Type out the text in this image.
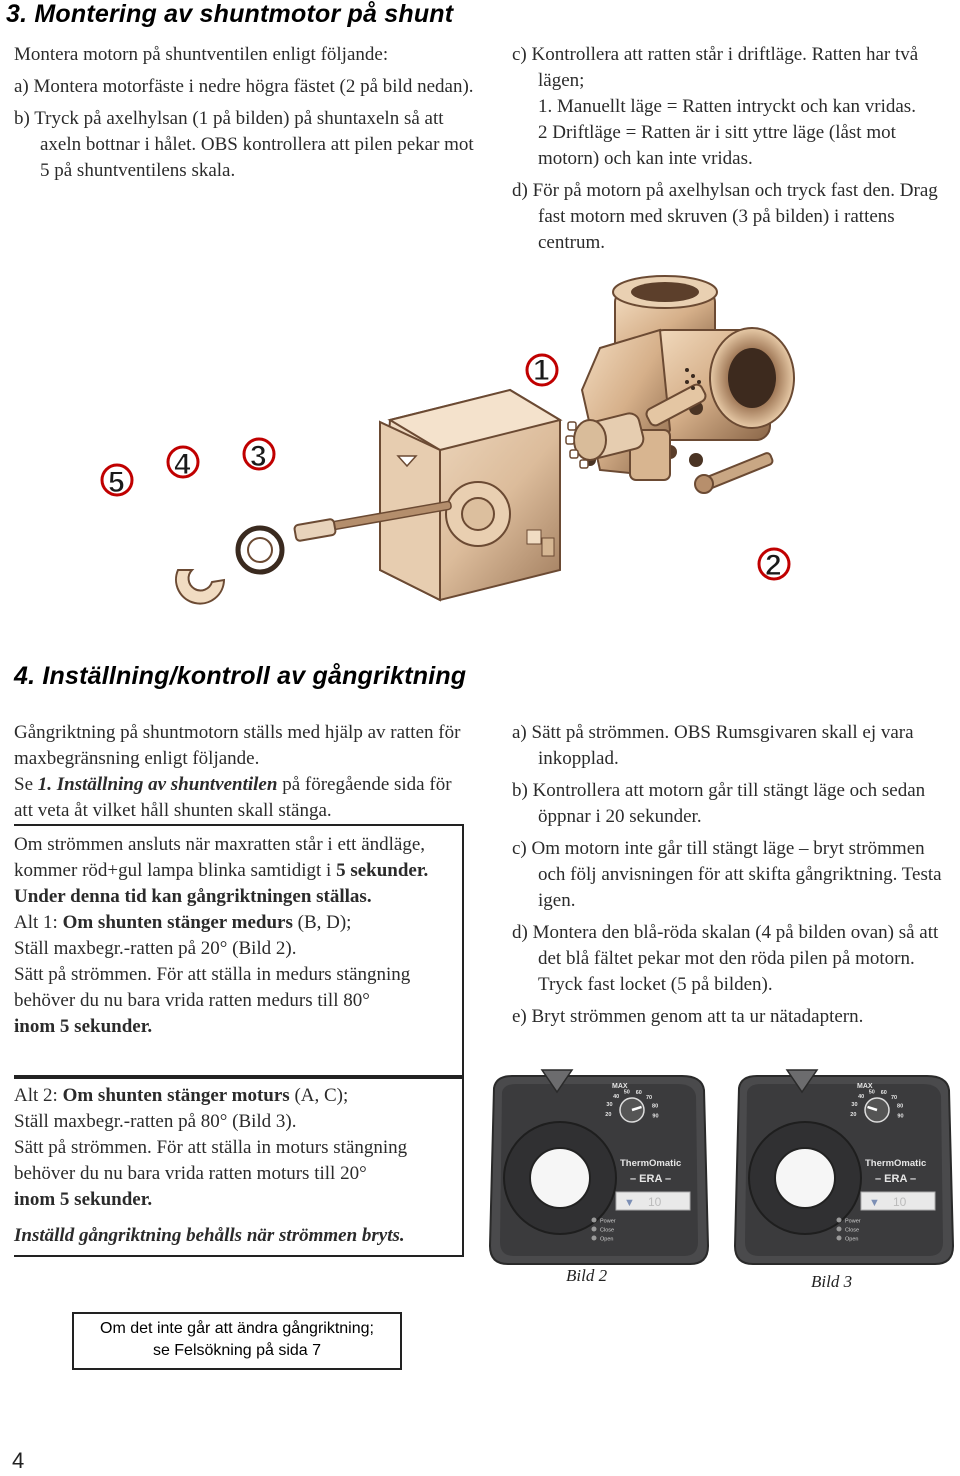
3. Montering av shuntmotor på shunt

Montera motorn på shuntventilen enligt följande:

a) Montera motorfäste i nedre högra fästet (2 på bild nedan).

b) Tryck på axelhylsan (1 på bilden) på shuntaxeln så att axeln bottnar i hålet. OBS kontrollera att pilen pekar mot 5 på shuntventilens skala.

c) Kontrollera att ratten står i driftläge. Ratten har två lägen;

1. Manuellt läge = Ratten intryckt och kan vridas.

2 Driftläge = Ratten är i sitt yttre läge (låst mot motorn) och kan inte vridas.

d) För på motorn på axelhylsan och tryck fast den. Drag fast motorn med skruven (3 på bilden) i rattens centrum.

1
2
3
4
5
4. Inställning/kontroll av gångriktning

Gångriktning på shuntmotorn ställs med hjälp av ratten för maxbegränsning enligt följande.

Se 1. Inställning av shuntventilen på föregående sida för att veta åt vilket håll shunten skall stänga.

Om strömmen ansluts när maxratten står i ett ändläge, kommer röd+gul lampa blinka samtidigt i 5 sekunder. Under denna tid kan gångriktningen ställas.

Alt 1: Om shunten stänger medurs (B, D);

Ställ maxbegr.-ratten på 20° (Bild 2).

Sätt på strömmen. För att ställa in medurs stängning behöver du nu bara vrida ratten medurs till 80°

inom 5 sekunder.

Alt 2: Om shunten stänger moturs (A, C);

Ställ maxbegr.-ratten på 80° (Bild 3).

Sätt på strömmen. För att ställa in moturs stängning behöver du nu bara vrida ratten moturs till 20°

inom 5 sekunder.

Inställd gångriktning behålls när strömmen bryts.

a) Sätt på strömmen. OBS Rumsgivaren skall ej vara inkopplad.

b) Kontrollera att motorn går till stängt läge och sedan öppnar i 20 sekunder.

c) Om motorn inte går till stängt läge – bryt strömmen och följ anvisningen för att skifta gångriktning. Testa igen.

d) Montera den blå-röda skalan (4 på bilden ovan) så att det blå fältet pekar mot den röda pilen på motorn. Tryck fast locket (5 på bilden).

e) Bryt strömmen genom att ta ur nätadaptern.

MAX
20
30
40
50 60
70
80
90
ThermOmatic
– ERA –
▼ 10
Power
Close
Open
MAX
20
30
40
50 60
70
80
90
ThermOmatic
– ERA –
▼ 10
Power
Close
Open
Bild 2	Bild 3
Om det inte går att ändra gångriktning;
se Felsökning på sida 7
4
